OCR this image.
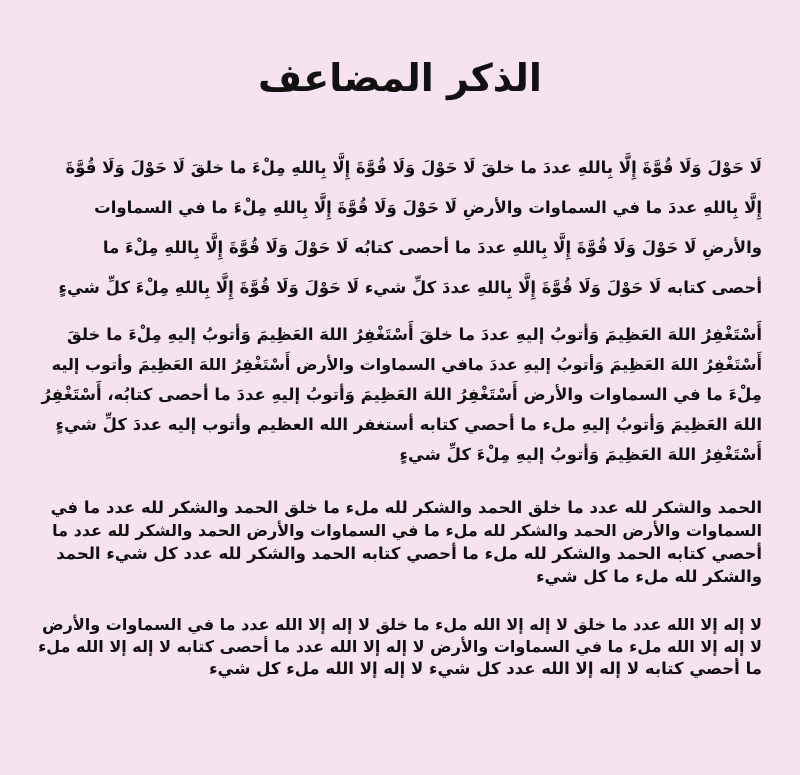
الذكر المضاعف
لَا حَوْلَ وَلَا قُوَّةَ إِلَّا بِاللهِ عددَ ما خلقَ لَا حَوْلَ وَلَا قُوَّةَ إِلَّا بِاللهِ مِلْءَ ما خلقَ لَا حَوْلَ وَلَا قُوَّةَ
إِلَّا بِاللهِ عددَ ما في السماوات والأرضِ لَا حَوْلَ وَلَا قُوَّةَ إِلَّا بِاللهِ مِلْءَ ما في السماوات
والأرضِ لَا حَوْلَ وَلَا قُوَّةَ إِلَّا بِاللهِ عددَ ما أحصى كتابُه لَا حَوْلَ وَلَا قُوَّةَ إِلَّا بِاللهِ مِلْءَ ما
أحصى كتابه لَا حَوْلَ وَلَا قُوَّةَ إِلَّا بِاللهِ عددَ كلِّ شيء لَا حَوْلَ وَلَا قُوَّةَ إِلَّا بِاللهِ مِلْءَ كلِّ شيءٍ
أَسْتَغْفِرُ اللهَ العَظِيمَ وَأتوبُ إليهِ عددَ ما خلقَ أَسْتَغْفِرُ اللهَ العَظِيمَ وَأتوبُ إليهِ مِلْءَ ما خلقَ
أَسْتَغْفِرُ اللهَ العَظِيمَ وَأتوبُ إليهِ عددَ مافي السماوات والأرض أَسْتَغْفِرُ اللهَ العَظِيمَ وأتوب إليه
مِلْءَ ما في السماوات والأرض أَسْتَغْفِرُ اللهَ العَظِيمَ وَأتوبُ إليهِ عددَ ما أحصى كتابُه، أَسْتَغْفِرُ
اللهَ العَظِيمَ وَأتوبُ إليهِ ملء ما أحصي كتابه أستغفر الله العظيم وأتوب إليه عددَ كلِّ شيءٍ
أَسْتَغْفِرُ اللهَ العَظِيمَ وَأتوبُ إليهِ مِلْءَ كلِّ شيءٍ
الحمد والشكر لله عدد ما خلق الحمد والشكر لله ملء ما خلق الحمد والشكر لله عدد ما في
السماوات والأرض الحمد والشكر لله ملء ما في السماوات والأرض الحمد والشكر لله عدد ما
أحصي كتابه الحمد والشكر لله ملء ما أحصي كتابه الحمد والشكر لله عدد كل شيء الحمد
والشكر لله ملء ما كل شيء
لا إله إلا الله عدد ما خلق لا إله إلا الله ملء ما خلق لا إله إلا الله عدد ما في السماوات والأرض
لا إله إلا الله ملء ما في السماوات والأرض لا إله إلا الله عدد ما أحصى كتابه لا إله إلا الله ملء
ما أحصي كتابه لا إله إلا الله عدد كل شيء لا إله إلا الله ملء كل شيء
